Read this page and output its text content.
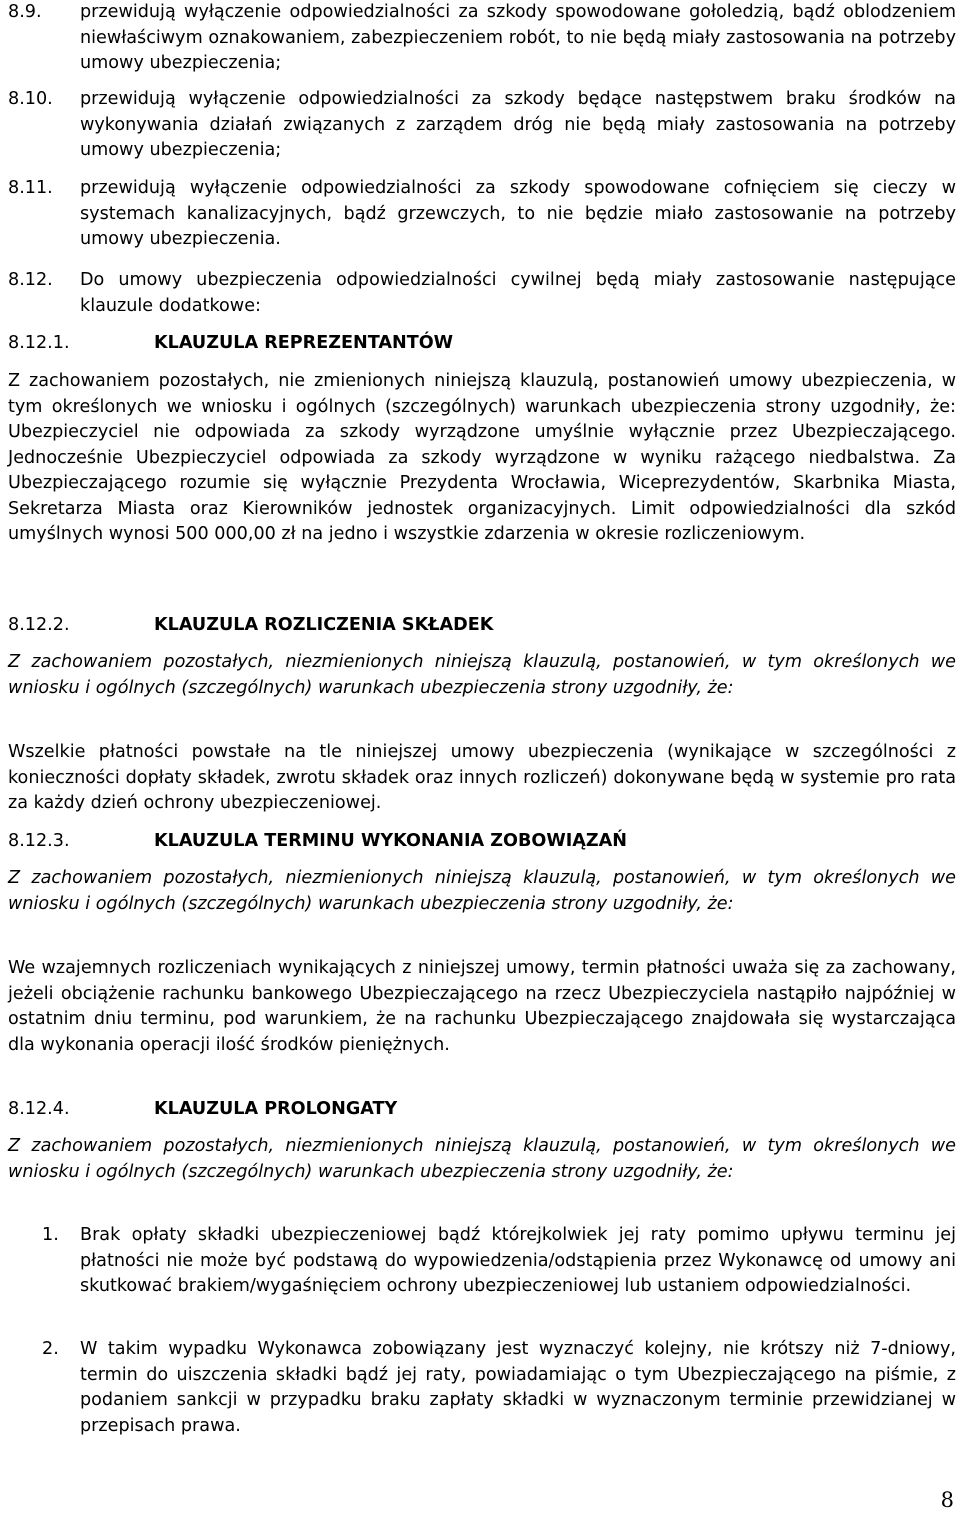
8.9. przewidują wyłączenie odpowiedzialności za szkody spowodowane gołoledzią, bądź oblodzeniem niewłaściwym oznakowaniem, zabezpieczeniem robót, to nie będą miały zastosowania na potrzeby umowy ubezpieczenia;
8.10. przewidują wyłączenie odpowiedzialności za szkody będące następstwem braku środków na wykonywania działań związanych z zarządem dróg nie będą miały zastosowania na potrzeby umowy ubezpieczenia;
8.11. przewidują wyłączenie odpowiedzialności za szkody spowodowane cofnięciem się cieczy w systemach kanalizacyjnych, bądź grzewczych, to nie będzie miało zastosowanie na potrzeby umowy ubezpieczenia.
8.12. Do umowy ubezpieczenia odpowiedzialności cywilnej będą miały zastosowanie następujące klauzule dodatkowe:
8.12.1.	KLAUZULA REPREZENTANTÓW
Z zachowaniem pozostałych, nie zmienionych niniejszą klauzulą, postanowień umowy ubezpieczenia, w tym określonych we wniosku i ogólnych (szczególnych) warunkach ubezpieczenia strony uzgodniły, że: Ubezpieczyciel nie odpowiada za szkody wyrządzone umyślnie wyłącznie przez Ubezpieczającego. Jednocześnie Ubezpieczyciel odpowiada za szkody wyrządzone w wyniku rażącego niedbalstwa. Za Ubezpieczającego rozumie się wyłącznie Prezydenta Wrocławia, Wiceprezydentów, Skarbnika Miasta, Sekretarza Miasta oraz Kierowników jednostek organizacyjnych. Limit odpowiedzialności dla szkód umyślnych wynosi 500 000,00 zł na jedno i wszystkie zdarzenia w okresie rozliczeniowym.
8.12.2.	KLAUZULA ROZLICZENIA SKŁADEK
Z zachowaniem pozostałych, niezmienionych niniejszą klauzulą, postanowień, w tym określonych we wniosku i ogólnych (szczególnych) warunkach ubezpieczenia strony uzgodniły, że:
Wszelkie płatności powstałe na tle niniejszej umowy ubezpieczenia (wynikające w szczególności z konieczności dopłaty składek, zwrotu składek oraz innych rozliczeń) dokonywane będą w systemie pro rata za każdy dzień ochrony ubezpieczeniowej.
8.12.3.	KLAUZULA TERMINU WYKONANIA ZOBOWIĄZAŃ
Z zachowaniem pozostałych, niezmienionych niniejszą klauzulą, postanowień, w tym określonych we wniosku i ogólnych (szczególnych) warunkach ubezpieczenia strony uzgodniły, że:
We wzajemnych rozliczeniach wynikających z niniejszej umowy, termin płatności uważa się za zachowany, jeżeli obciążenie rachunku bankowego Ubezpieczającego na rzecz Ubezpieczyciela nastąpiło najpóźniej w ostatnim dniu terminu, pod warunkiem, że na rachunku Ubezpieczającego znajdowała się wystarczająca dla wykonania operacji ilość środków pieniężnych.
8.12.4.	KLAUZULA PROLONGATY
Z zachowaniem pozostałych, niezmienionych niniejszą klauzulą, postanowień, w tym określonych we wniosku i ogólnych (szczególnych) warunkach ubezpieczenia strony uzgodniły, że:
1. Brak opłaty składki ubezpieczeniowej bądź którejkolwiek jej raty pomimo upływu terminu jej płatności nie może być podstawą do wypowiedzenia/odstąpienia przez Wykonawcę od umowy ani skutkować brakiem/wygaśnięciem ochrony ubezpieczeniowej lub ustaniem odpowiedzialności.
2. W takim wypadku Wykonawca zobowiązany jest wyznaczyć kolejny, nie krótszy niż 7-dniowy, termin do uiszczenia składki bądź jej raty, powiadamiając o tym Ubezpieczającego na piśmie, z podaniem sankcji w przypadku braku zapłaty składki w wyznaczonym terminie przewidzianej w przepisach prawa.
8
